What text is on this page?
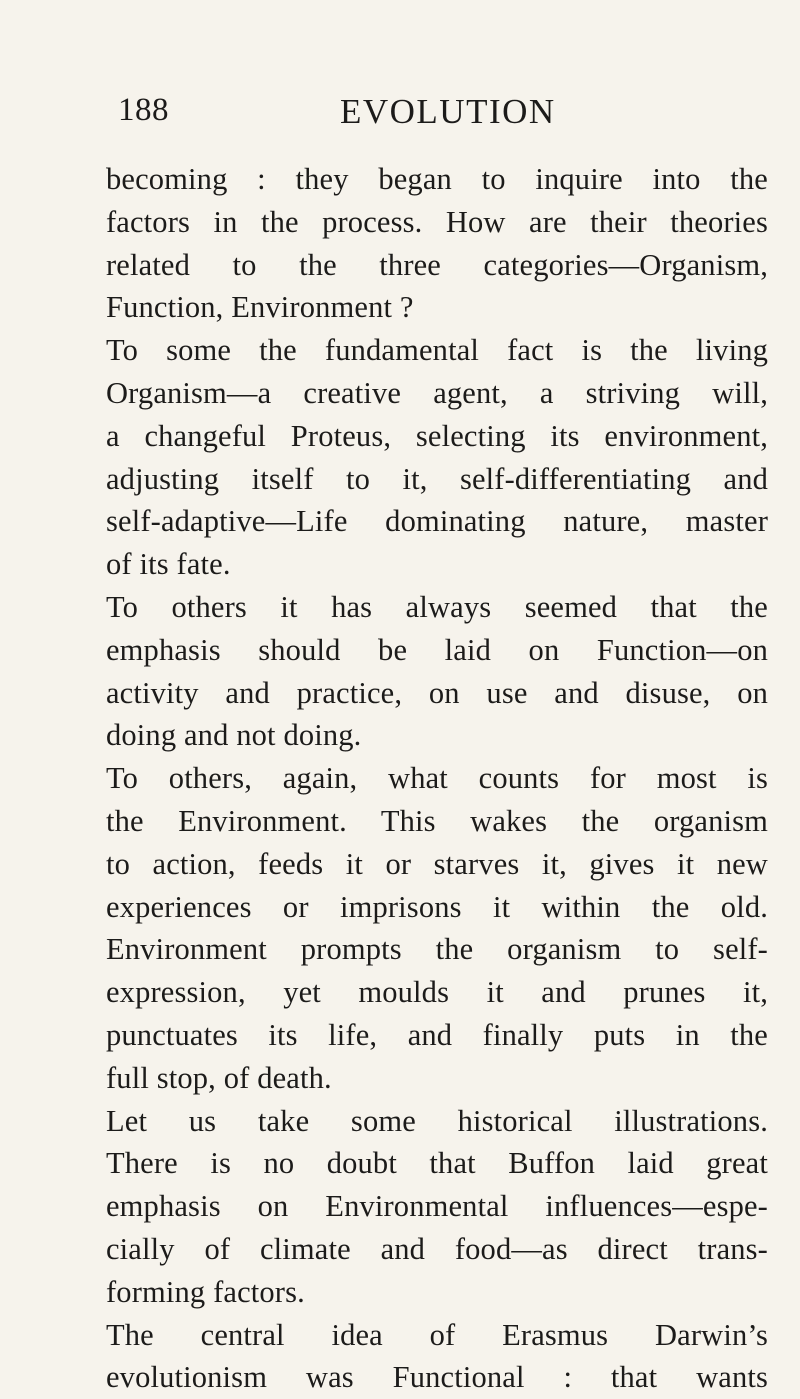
188	EVOLUTION
becoming : they began to inquire into the
factors in the process. How are their theories
related to the three categories—Organism,
Function, Environment ?
To some the fundamental fact is the living
Organism—a creative agent, a striving will,
a changeful Proteus, selecting its environment,
adjusting itself to it, self-differentiating and
self-adaptive—Life dominating nature, master
of its fate.
To others it has always seemed that the
emphasis should be laid on Function—on
activity and practice, on use and disuse, on
doing and not doing.
To others, again, what counts for most is
the Environment. This wakes the organism
to action, feeds it or starves it, gives it new
experiences or imprisons it within the old.
Environment prompts the organism to self-
expression, yet moulds it and prunes it,
punctuates its life, and finally puts in the
full stop, of death.
Let us take some historical illustrations.
There is no doubt that Buffon laid great
emphasis on Environmental influences—espe-
cially of climate and food—as direct trans-
forming factors.
The central idea of Erasmus Darwin’s
evolutionism was Functional : that wants
